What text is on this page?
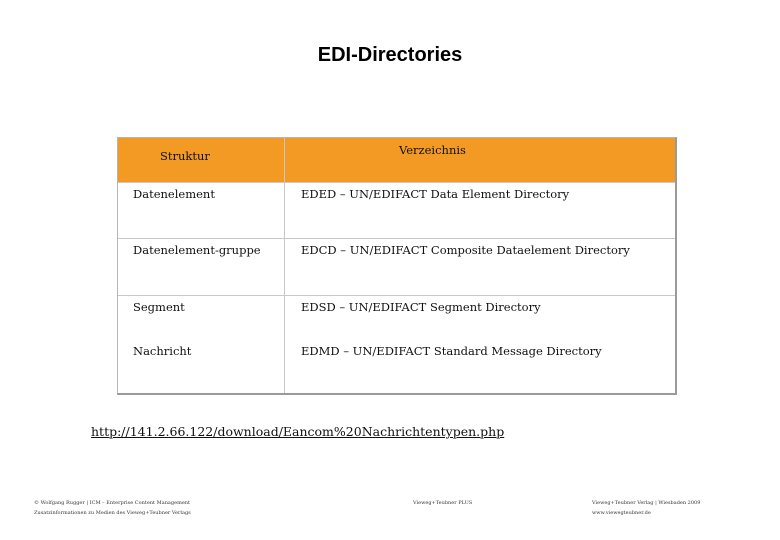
EDI-Directories
Struktur	Verzeichnis
Datenelement	EDED – UN/EDIFACT Data Element Directory
Datenelement-gruppe	EDCD – UN/EDIFACT Composite Dataelement Directory
Segment	EDSD – UN/EDIFACT Segment Directory
Nachricht	EDMD – UN/EDIFACT Standard Message Directory
http://141.2.66.122/download/Eancom%20Nachrichtentypen.php
© Wolfgang Rugger | ICM – Enterprise Content Management
Zusatzinformationen zu Medien des Vieweg+Teubner Verlags
Vieweg+Teubner PLUS	Vieweg+Teubner Verlag | Wiesbaden 2009
www.viewegteubner.de
